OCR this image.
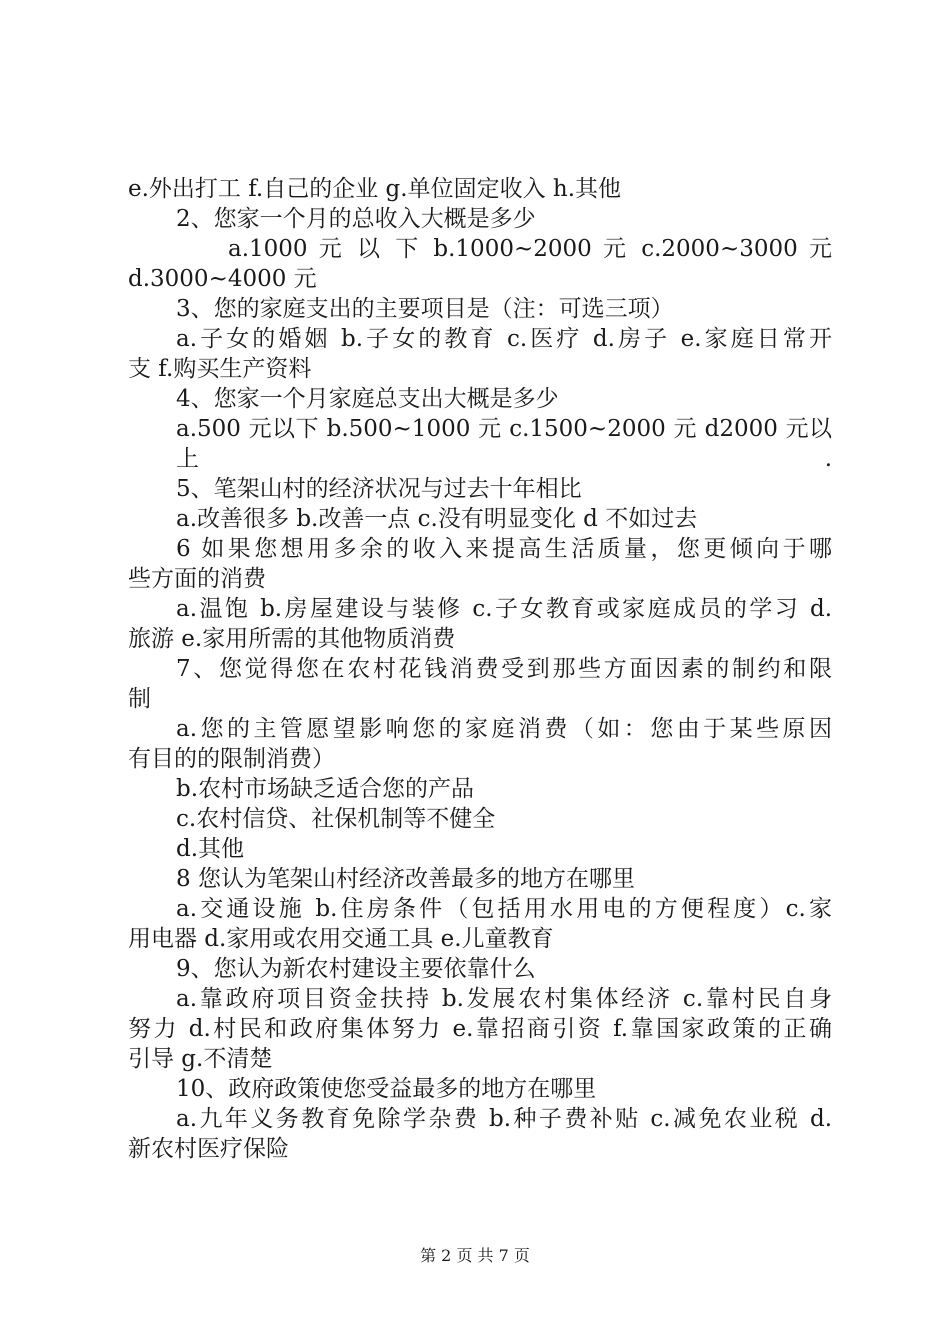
e.外出打工 f.自己的企业 g.单位固定收入 h.其他
2、您家一个月的总收入大概是多少
a.1000 元 以 下 b.1000~2000 元 c.2000~3000 元
d.3000~4000 元
3、您的家庭支出的主要项目是（注：可选三项）
a.子女的婚姻 b.子女的教育 c.医疗 d.房子 e.家庭日常开
支 f.购买生产资料
4、您家一个月家庭总支出大概是多少
a.500 元以下 b.500~1000 元 c.1500~2000 元 d2000 元以上.
5、笔架山村的经济状况与过去十年相比
a.改善很多 b.改善一点 c.没有明显变化 d 不如过去
6 如果您想用多余的收入来提高生活质量，您更倾向于哪
些方面的消费
a.温饱 b.房屋建设与装修 c.子女教育或家庭成员的学习 d.
旅游 e.家用所需的其他物质消费
7、您觉得您在农村花钱消费受到那些方面因素的制约和限
制
a.您的主管愿望影响您的家庭消费（如：您由于某些原因
有目的的限制消费）
b.农村市场缺乏适合您的产品
c.农村信贷、社保机制等不健全
d.其他
8 您认为笔架山村经济改善最多的地方在哪里
a.交通设施 b.住房条件（包括用水用电的方便程度）c.家
用电器 d.家用或农用交通工具 e.儿童教育
9、您认为新农村建设主要依靠什么
a.靠政府项目资金扶持 b.发展农村集体经济 c.靠村民自身
努力 d.村民和政府集体努力 e.靠招商引资 f.靠国家政策的正确
引导 g.不清楚
10、政府政策使您受益最多的地方在哪里
a.九年义务教育免除学杂费 b.种子费补贴 c.减免农业税 d.
新农村医疗保险
第 2 页 共 7 页
